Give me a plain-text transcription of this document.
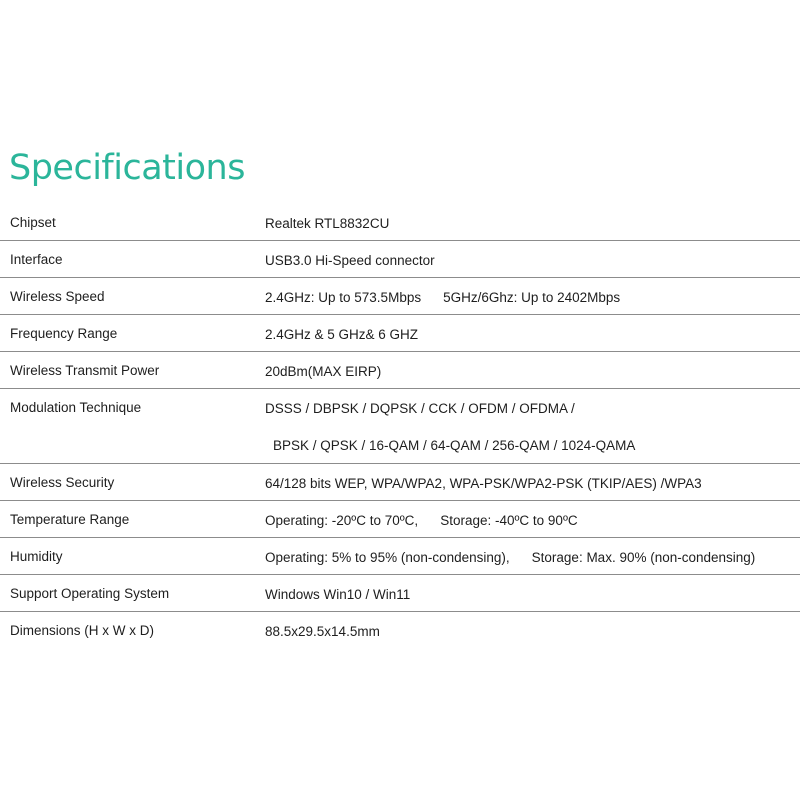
Specifications
Chipset	Realtek RTL8832CU
Interface	USB3.0 Hi-Speed connector
Wireless Speed	2.4GHz: Up to 573.5Mbps 5GHz/6Ghz: Up to 2402Mbps
Frequency Range	2.4GHz & 5 GHz& 6 GHZ
Wireless Transmit Power	20dBm(MAX EIRP)
Modulation Technique	DSSS / DBPSK / DQPSK / CCK / OFDM / OFDMA /
BPSK / QPSK / 16-QAM / 64-QAM / 256-QAM / 1024-QAMA
Wireless Security	64/128 bits WEP, WPA/WPA2, WPA-PSK/WPA2-PSK (TKIP/AES) /WPA3
Temperature Range	Operating: -20ºC to 70ºC, Storage: -40ºC to 90ºC
Humidity	Operating: 5% to 95% (non-condensing), Storage: Max. 90% (non-condensing)
Support Operating System	Windows Win10 / Win11
Dimensions (H x W x D)	88.5x29.5x14.5mm
